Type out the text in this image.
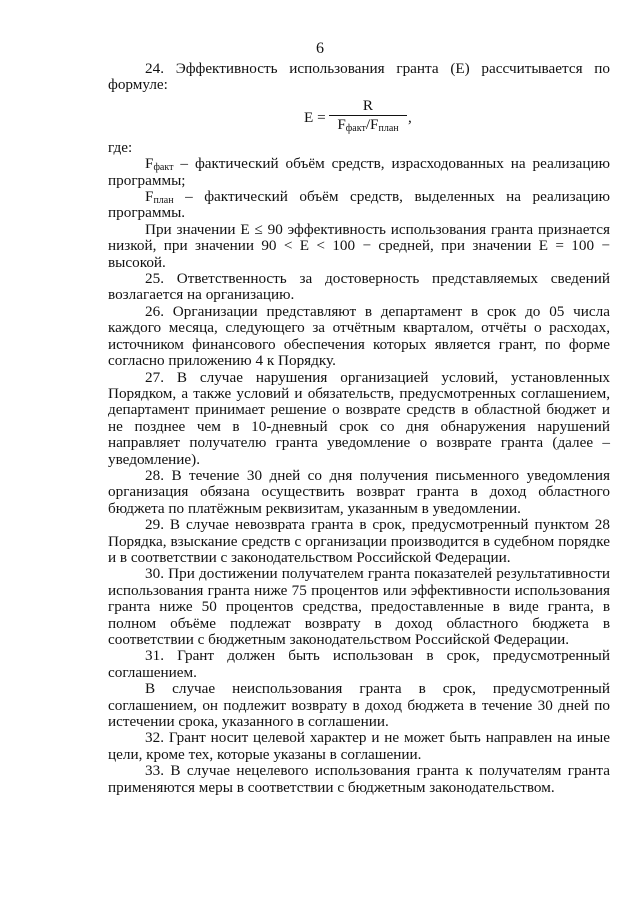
6

24. Эффективность использования гранта (E) рассчитывается по формуле:

E =
R
$F_{факт}/F_{план}$
,

где:

$F_{факт}$ – фактический объём средств, израсходованных на реализацию программы;

$F_{план}$ – фактический объём средств, выделенных на реализацию программы.

При значении E ≤ 90 эффективность использования гранта признается низкой, при значении 90 < E < 100 − средней, при значении E = 100 − высокой.

25. Ответственность за достоверность представляемых сведений возлагается на организацию.

26. Организации представляют в департамент в срок до 05 числа каждого месяца, следующего за отчётным кварталом, отчёты о расходах, источником финансового обеспечения которых является грант, по форме согласно приложению 4 к Порядку.

27. В случае нарушения организацией условий, установленных Порядком, а также условий и обязательств, предусмотренных соглашением, департамент принимает решение о возврате средств в областной бюджет и не позднее чем в 10-дневный срок со дня обнаружения нарушений направляет получателю гранта уведомление о возврате гранта (далее – уведомление).

28. В течение 30 дней со дня получения письменного уведомления организация обязана осуществить возврат гранта в доход областного бюджета по платёжным реквизитам, указанным в уведомлении.

29. В случае невозврата гранта в срок, предусмотренный пунктом 28 Порядка, взыскание средств с организации производится в судебном порядке и в соответствии с законодательством Российской Федерации.

30. При достижении получателем гранта показателей результативности использования гранта ниже 75 процентов или эффективности использования гранта ниже 50 процентов средства, предоставленные в виде гранта, в полном объёме подлежат возврату в доход областного бюджета в соответствии с бюджетным законодательством Российской Федерации.

31. Грант должен быть использован в срок, предусмотренный соглашением.

В случае неиспользования гранта в срок, предусмотренный соглашением, он подлежит возврату в доход бюджета в течение 30 дней по истечении срока, указанного в соглашении.

32. Грант носит целевой характер и не может быть направлен на иные цели, кроме тех, которые указаны в соглашении.

33. В случае нецелевого использования гранта к получателям гранта применяются меры в соответствии с бюджетным законодательством.
